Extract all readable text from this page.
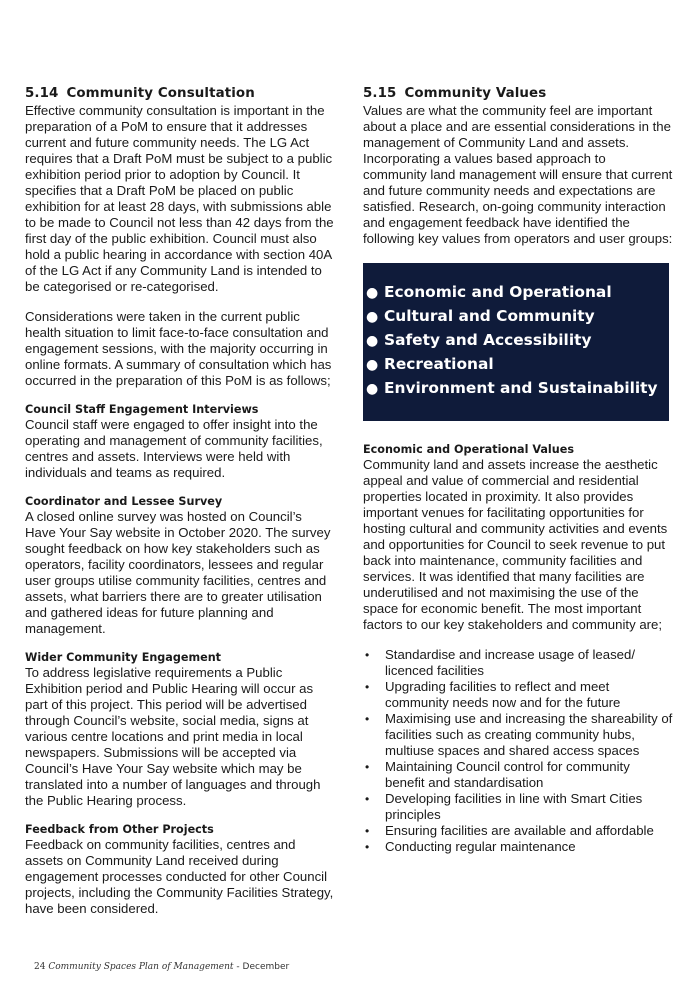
5.14 Community Consultation

Effective community consultation is important in the preparation of a PoM to ensure that it addresses current and future community needs. The LG Act requires that a Draft PoM must be subject to a public exhibition period prior to adoption by Council. It specifies that a Draft PoM be placed on public exhibition for at least 28 days, with submissions able to be made to Council not less than 42 days from the first day of the public exhibition. Council must also hold a public hearing in accordance with section 40A of the LG Act if any Community Land is intended to be categorised or re-categorised.

Considerations were taken in the current public health situation to limit face-to-face consultation and engagement sessions, with the majority occurring in online formats. A summary of consultation which has occurred in the preparation of this PoM is as follows;

Council Staff Engagement Interviews

Council staff were engaged to offer insight into the operating and management of community facilities, centres and assets. Interviews were held with individuals and teams as required.

Coordinator and Lessee Survey

A closed online survey was hosted on Council’s Have Your Say website in October 2020. The survey sought feedback on how key stakeholders such as operators, facility coordinators, lessees and regular user groups utilise community facilities, centres and assets, what barriers there are to greater utilisation and gathered ideas for future planning and management.

Wider Community Engagement

To address legislative requirements a Public Exhibition period and Public Hearing will occur as part of this project. This period will be advertised through Council’s website, social media, signs at various centre locations and print media in local newspapers. Submissions will be accepted via Council’s Have Your Say website which may be translated into a number of languages and through the Public Hearing process.

Feedback from Other Projects

Feedback on community facilities, centres and assets on Community Land received during engagement processes conducted for other Council projects, including the Community Facilities Strategy, have been considered.

5.15 Community Values

Values are what the community feel are important about a place and are essential considerations in the management of Community Land and assets. Incorporating a values based approach to community land management will ensure that current and future community needs and expectations are satisfied. Research, on-going community interaction and engagement feedback have identified the following key values from operators and user groups:

● Economic and Operational
● Cultural and Community
● Safety and Accessibility
● Recreational
● Environment and Sustainability
Economic and Operational Values

Community land and assets increase the aesthetic appeal and value of commercial and residential properties located in proximity. It also provides important venues for facilitating opportunities for hosting cultural and community activities and events and opportunities for Council to seek revenue to put back into maintenance, community facilities and services. It was identified that many facilities are underutilised and not maximising the use of the space for economic benefit. The most important factors to our key stakeholders and community are;

• Standardise and increase usage of leased/ licenced facilities
• Upgrading facilities to reflect and meet community needs now and for the future
• Maximising use and increasing the shareability of facilities such as creating community hubs, multiuse spaces and shared access spaces
• Maintaining Council control for community benefit and standardisation
• Developing facilities in line with Smart Cities principles
• Ensuring facilities are available and affordable
• Conducting regular maintenance
24 Community Spaces Plan of Management - December
